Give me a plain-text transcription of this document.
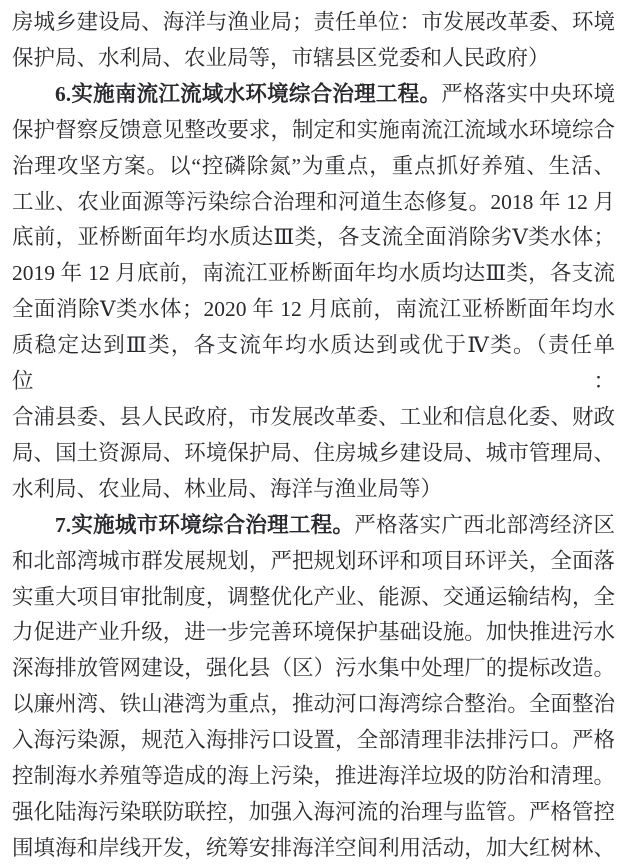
房城乡建设局、海洋与渔业局；责任单位：市发展改革委、环境
保护局、水利局、农业局等，市辖县区党委和人民政府）
6.实施南流江流域水环境综合治理工程。严格落实中央环境
保护督察反馈意见整改要求，制定和实施南流江流域水环境综合
治理攻坚方案。以“控磷除氮”为重点，重点抓好养殖、生活、
工业、农业面源等污染综合治理和河道生态修复。2018 年 12 月
底前，亚桥断面年均水质达Ⅲ类，各支流全面消除劣Ⅴ类水体；
2019 年 12 月底前，南流江亚桥断面年均水质均达Ⅲ类，各支流
全面消除Ⅴ类水体；2020 年 12 月底前，南流江亚桥断面年均水
质稳定达到Ⅲ类，各支流年均水质达到或优于Ⅳ类。（责任单位：
合浦县委、县人民政府，市发展改革委、工业和信息化委、财政
局、国土资源局、环境保护局、住房城乡建设局、城市管理局、
水利局、农业局、林业局、海洋与渔业局等）
7.实施城市环境综合治理工程。严格落实广西北部湾经济区
和北部湾城市群发展规划，严把规划环评和项目环评关，全面落
实重大项目审批制度，调整优化产业、能源、交通运输结构，全
力促进产业升级，进一步完善环境保护基础设施。加快推进污水
深海排放管网建设，强化县（区）污水集中处理厂的提标改造。
以廉州湾、铁山港湾为重点，推动河口海湾综合整治。全面整治
入海污染源，规范入海排污口设置，全部清理非法排污口。严格
控制海水养殖等造成的海上污染，推进海洋垃圾的防治和清理。
强化陆海污染联防联控，加强入海河流的治理与监管。严格管控
围填海和岸线开发，统筹安排海洋空间利用活动，加大红树林、
